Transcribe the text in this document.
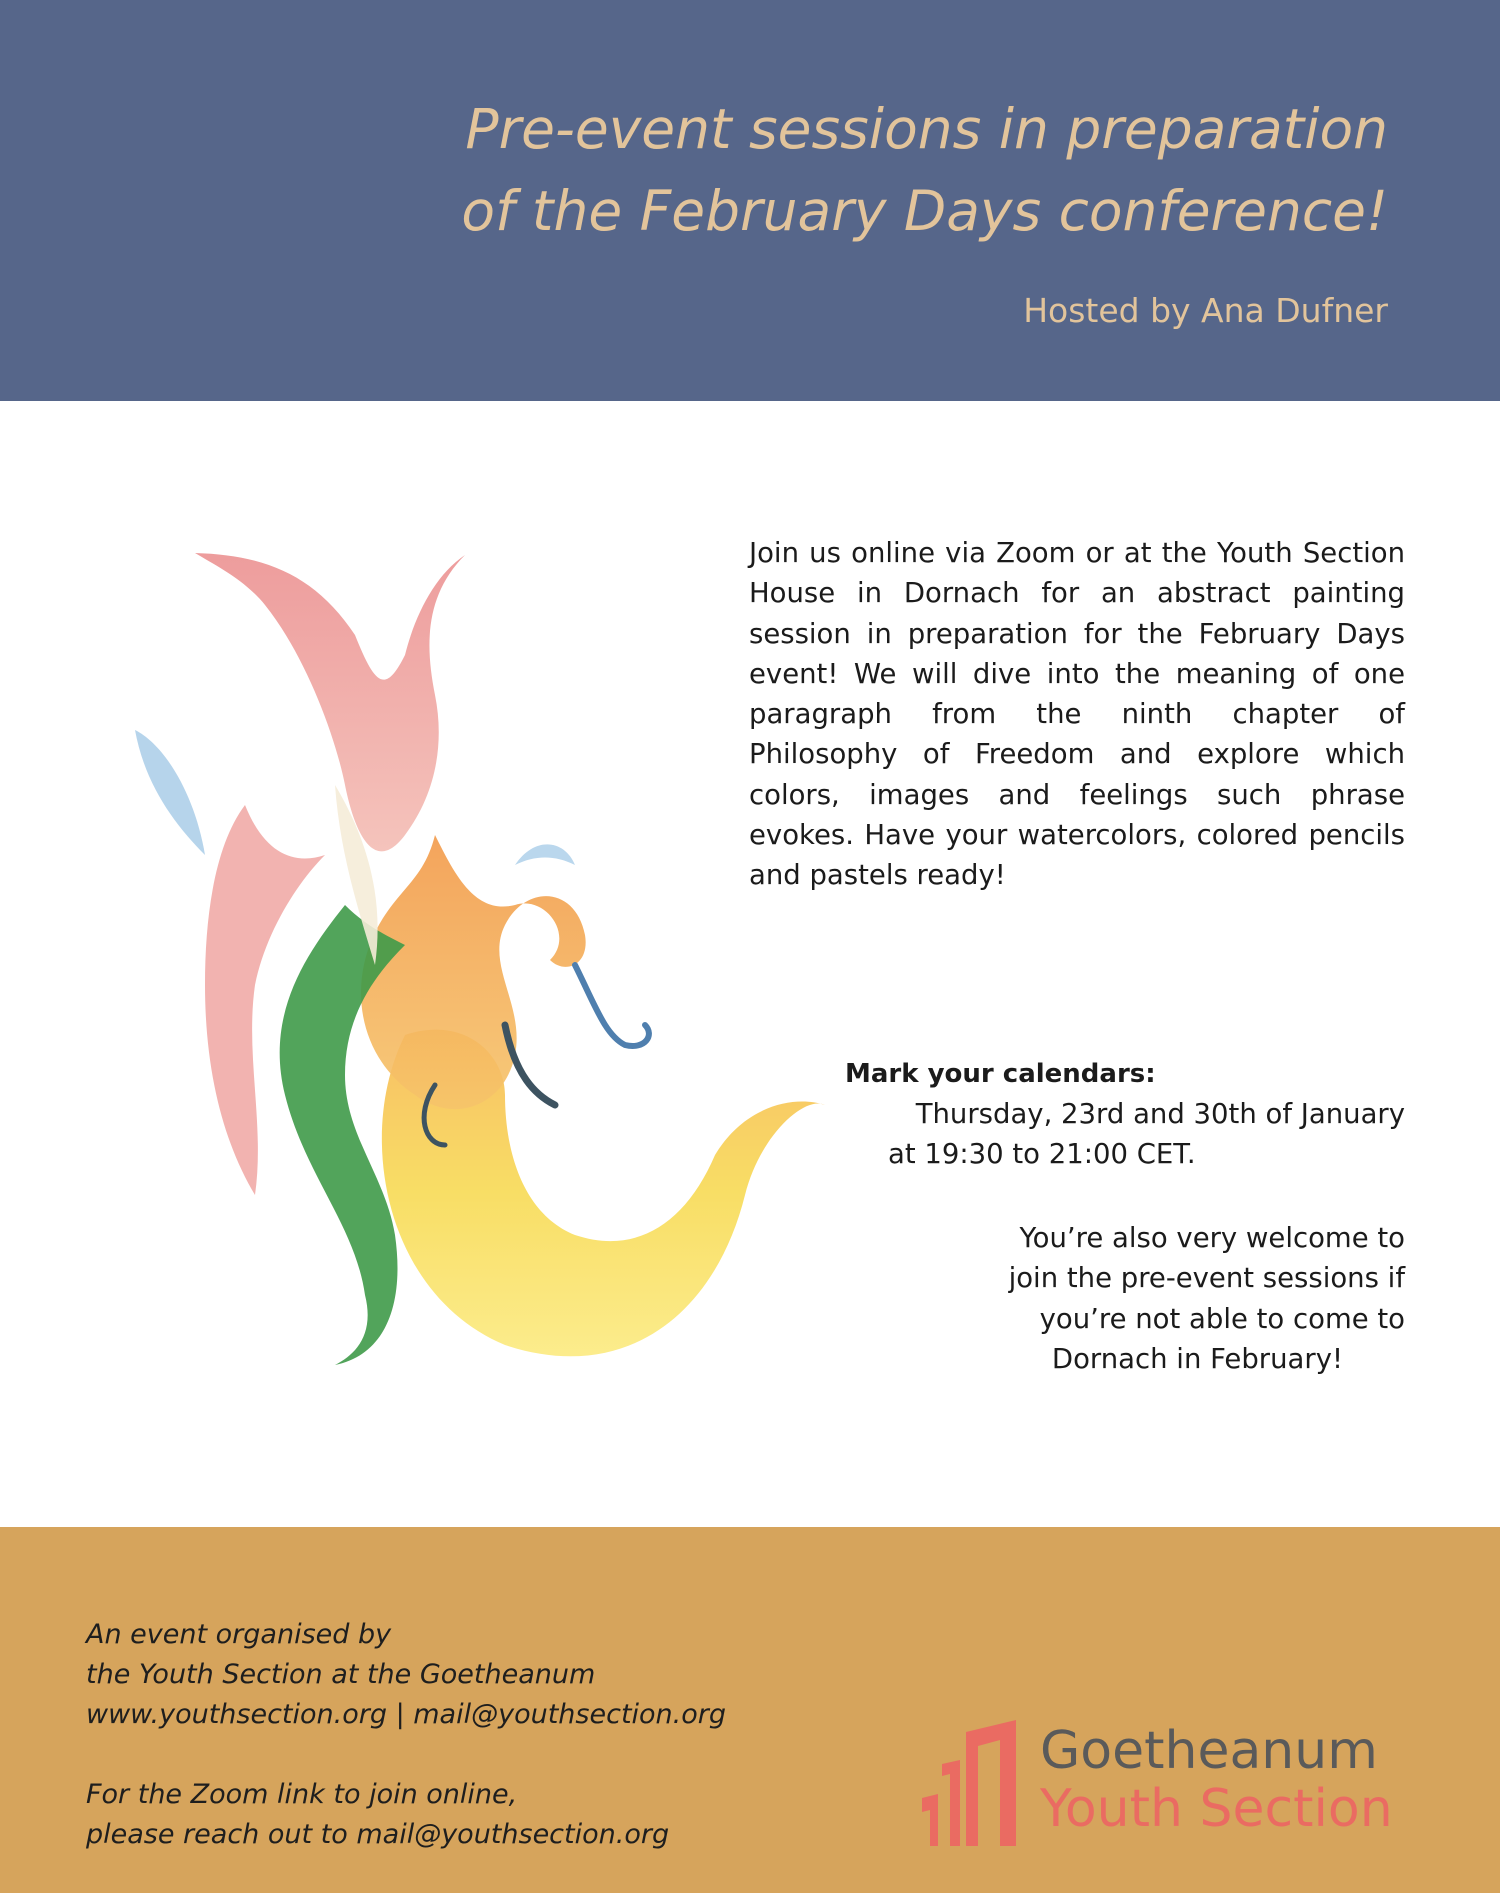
Pre-event sessions in preparation
of the February Days conference!
Hosted by Ana Dufner

Join us online via Zoom or at the Youth Section House in Dornach for an abstract painting session in preparation for the February Days event! We will dive into the meaning of one paragraph from the ninth chapter of Philosophy of Freedom and explore which colors, images and feelings such phrase evokes. Have your watercolors, colored pencils and pastels ready!

Mark your calendars:
Thursday, 23rd and 30th of January
at 19:30 to 21:00 CET.
You’re also very welcome to
join the pre-event sessions if
you’re not able to come to
Dornach in February!
An event organised by
the Youth Section at the Goetheanum
www.youthsection.org | mail@youthsection.org
For the Zoom link to join online,
please reach out to mail@youthsection.org
Goetheanum
Youth Section
